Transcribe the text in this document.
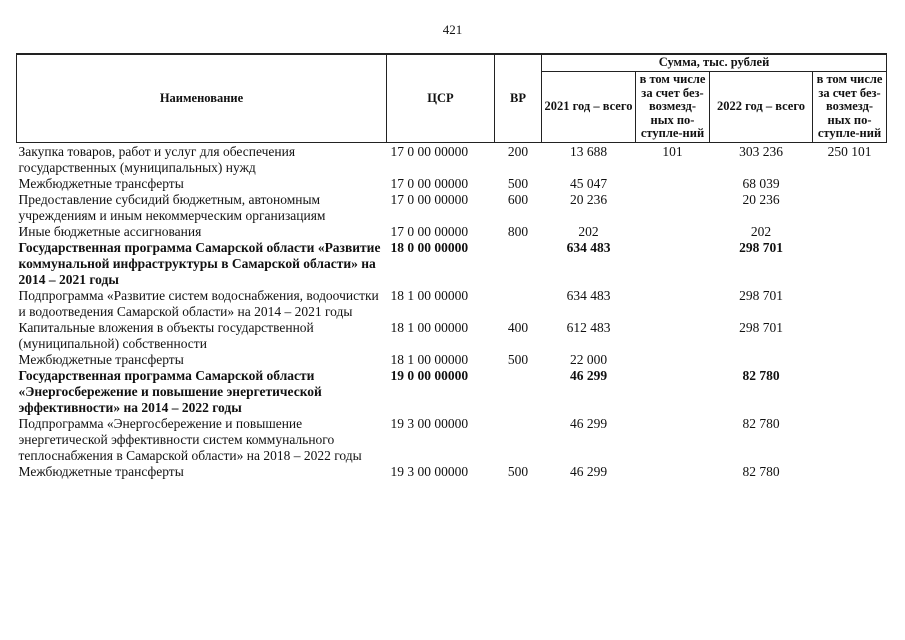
421
Наименование	ЦСР	ВР	Сумма, тыс. рублей			
			2021 год – всего	в том числе за счет без-возмезд-ных по-ступле-ний	2022 год – всего	в том числе за счет без-возмезд-ных по-ступле-ний
Закупка товаров, работ и услуг для обеспечения государственных (муниципальных) нужд	17 0 00 00000	200	13 688	101	303 236	250 101
Межбюджетные трансферты	17 0 00 00000	500	45 047		68 039	
Предоставление субсидий бюджетным, автономным учреждениям и иным некоммерческим организациям	17 0 00 00000	600	20 236		20 236	
Иные бюджетные ассигнования	17 0 00 00000	800	202		202	
Государственная программа Самарской области «Развитие коммунальной инфраструктуры в Самарской области» на 2014 – 2021 годы	18 0 00 00000		634 483		298 701	
Подпрограмма «Развитие систем водоснабжения, водоочистки и водоотведения Самарской области» на 2014 – 2021 годы	18 1 00 00000		634 483		298 701	
Капитальные вложения в объекты государственной (муниципальной) собственности	18 1 00 00000	400	612 483		298 701	
Межбюджетные трансферты	18 1 00 00000	500	22 000			
Государственная программа Самарской области «Энергосбережение и повышение энергетической эффективности» на 2014 – 2022 годы	19 0 00 00000		46 299		82 780	
Подпрограмма «Энергосбережение и повышение энергетической эффективности систем коммунального теплоснабжения в Самарской области» на 2018 – 2022 годы	19 3 00 00000		46 299		82 780	
Межбюджетные трансферты	19 3 00 00000	500	46 299		82 780	
